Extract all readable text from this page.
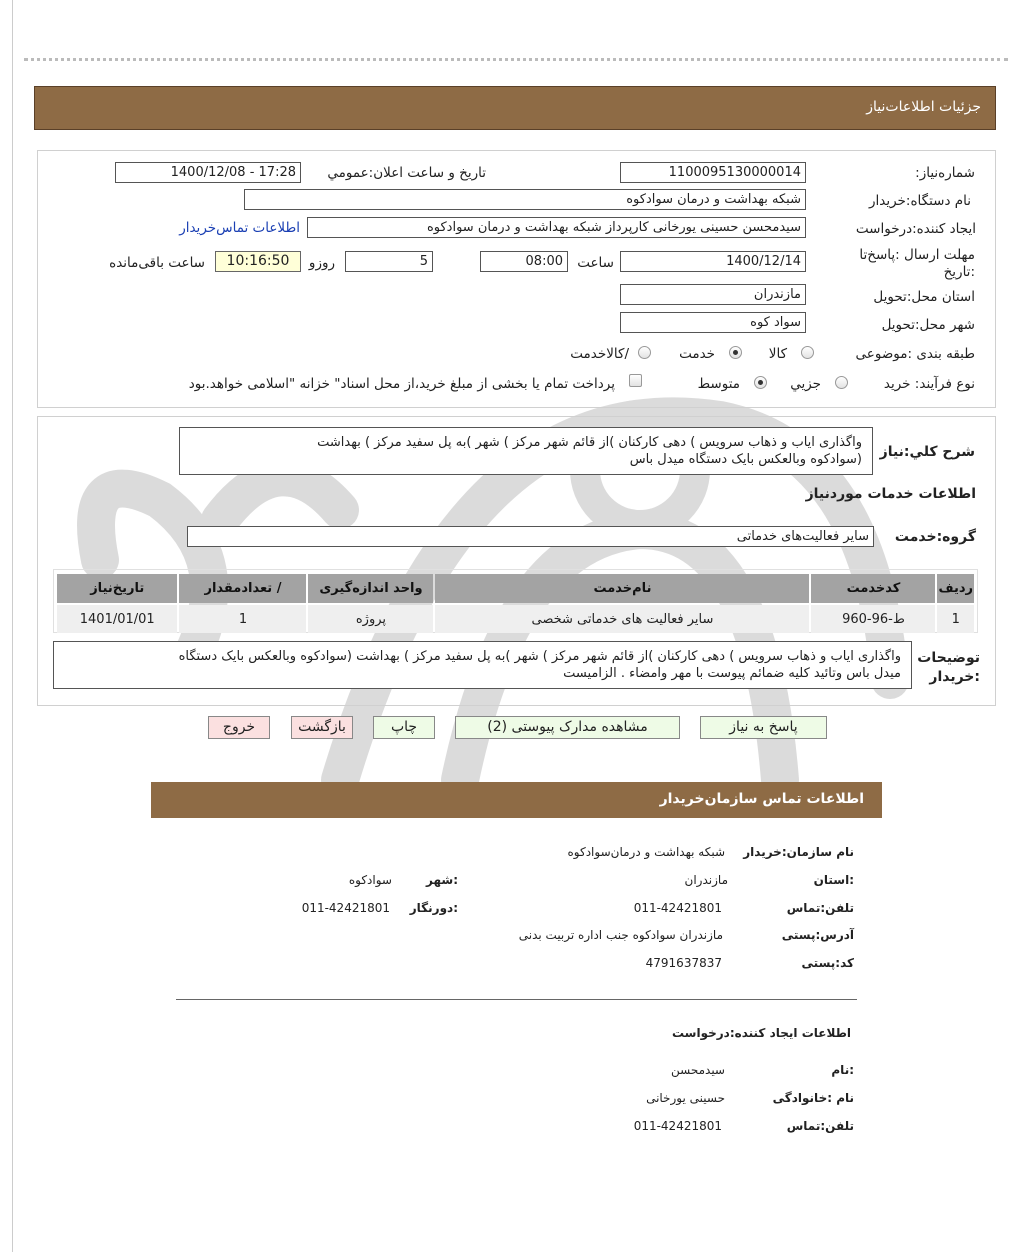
جزئیات اطلاعات‌نیاز
شماره‌نیاز:
1100095130000014
تاریخ و ساعت اعلان:عمومي
1400/12/08 - 17:28
نام دستگاه:خریدار
شبکه بهداشت و درمان سوادکوه
ایجاد کننده:درخواست
سیدمحسن حسینی یورخانی کارپرداز شبکه بهداشت و درمان سوادکوه
اطلاعات تماس‌خریدار
مهلت ارسال :پاسخ‌تا
:تاریخ
1400/12/14
ساعت
08:00
5
روزو
10:16:50
ساعت باقی‌مانده
استان محل:تحویل
مازندران
شهر محل:تحویل
سواد کوه
طبقه بندی :موضوعی
کالا
خدمت
/کالاخدمت
نوع فرآیند: خرید
جزیي
متوسط
پرداخت تمام یا بخشی از مبلغ خرید،از محل اسناد" خزانه "اسلامی خواهد.بود
شرح کلي:نیاز
واگذاری ایاب و ذهاب سرویس ) دهی کارکنان )از قائم شهر مرکز ) شهر )به پل سفید مرکز ) بهداشت
(سوادکوه وبالعکس بایک دستگاه میدل باس
اطلاعات خدمات موردنیاز
گروه:خدمت
سایر فعالیت‌های خدماتی
ردیف	کدخدمت	نام‌خدمت	واحد اندازه‌گیری	/ تعدادمقدار	تاریخ‌نیاز
1	ط-96-960	سایر فعالیت های خدماتی شخصی	پروژه	1	1401/01/01
توضیحات
:خریدار
واگذاری ایاب و ذهاب سرویس ) دهی کارکنان )از قائم شهر مرکز ) شهر )به پل سفید مرکز ) بهداشت (سوادکوه وبالعکس بایک دستگاه
میدل باس وتائید کلیه ضمائم پیوست با مهر وامضاء . الزامیست
پاسخ به نیاز
مشاهده مدارک پیوستی (2)
چاپ
بازگشت
خروج
اطلاعات تماس سازمان‌خریدار
نام سازمان:خریدار
شبکه بهداشت و درمان‌سوادکوه
:استان
مازندران
:شهر
سوادکوه
تلفن:تماس
011-42421801
:دورنگار
011-42421801
آدرس:پستی
مازندران سوادکوه جنب اداره تربیت بدنی
کد:پستی
4791637837
اطلاعات ایجاد کننده:درخواست
:نام
سیدمحسن
نام :خانوادگی
حسینی یورخانی
تلفن:تماس
011-42421801
